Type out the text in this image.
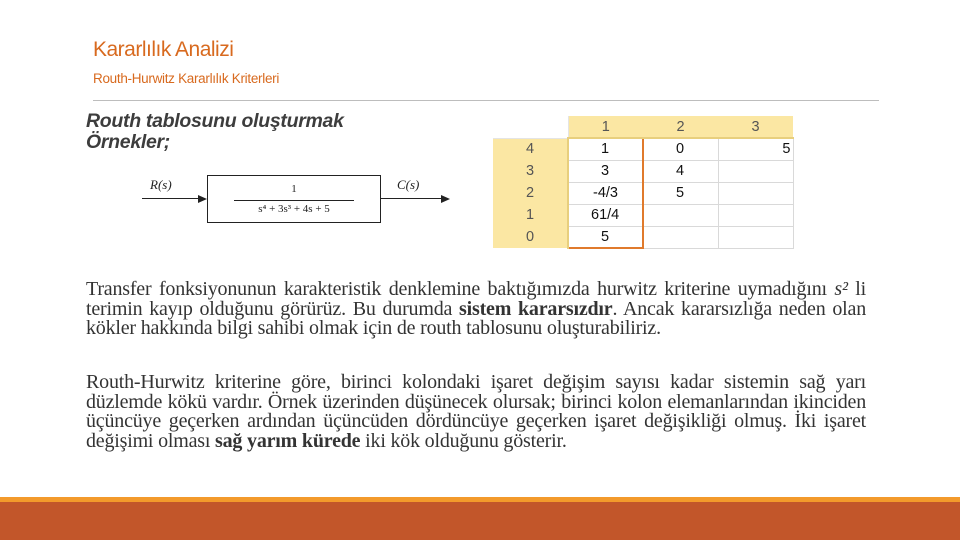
Kararlılık Analizi
Routh-Hurwitz Kararlılık Kriterleri
Routh tablosunu oluşturmak
Örnekler;
R(s)	1
s⁴ + 3s³ + 4s + 5
C(s)
	1	2	3
4	1	0	5
3	3	4	
2	-4/3	5	
1	61/4		
0	5		
Transfer fonksiyonunun karakteristik denklemine baktığımızda hurwitz kriterine uymadığını s² li terimin kayıp olduğunu görürüz. Bu durumda sistem kararsızdır. Ancak kararsızlığa neden olan kökler hakkında bilgi sahibi olmak için de routh tablosunu oluşturabiliriz.
Routh-Hurwitz kriterine göre, birinci kolondaki işaret değişim sayısı kadar sistemin sağ yarı düzlemde kökü vardır. Örnek üzerinden düşünecek olursak; birinci kolon elemanlarından ikinciden üçüncüye geçerken ardından üçüncüden dördüncüye geçerken işaret değişikliği olmuş. İki işaret değişimi olması sağ yarım kürede iki kök olduğunu gösterir.
